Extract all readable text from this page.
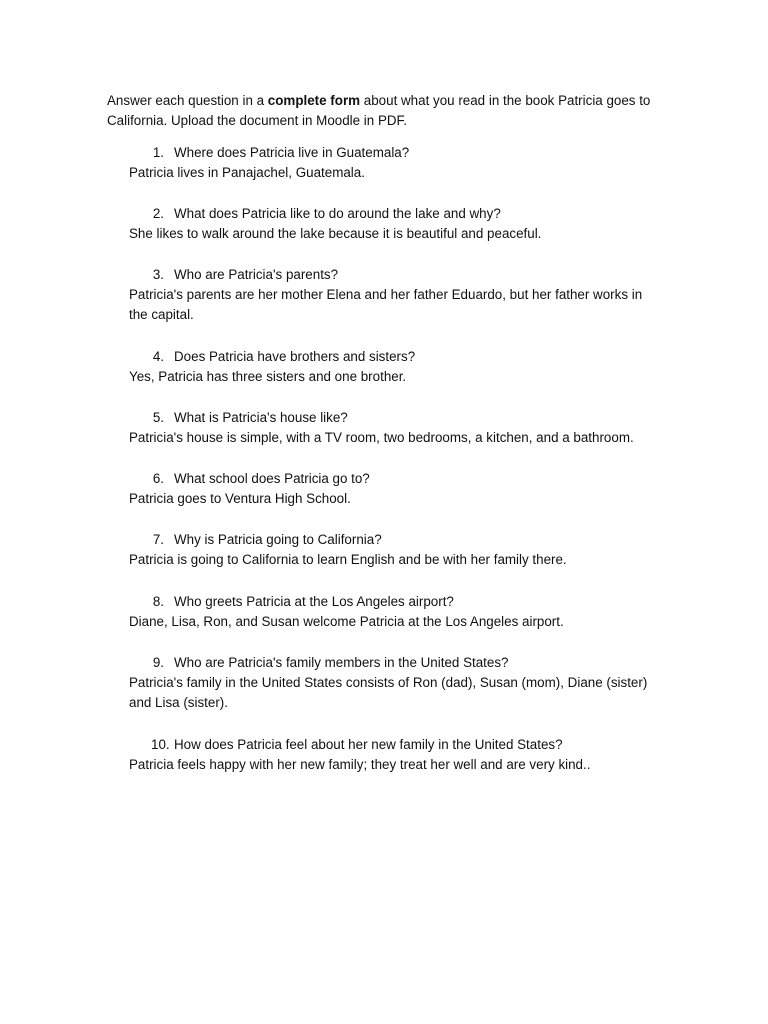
Answer each question in a complete form about what you read in the book Patricia goes to California. Upload the document in Moodle in PDF.

1. Where does Patricia live in Guatemala?
Patricia lives in Panajachel, Guatemala.
2. What does Patricia like to do around the lake and why?
She likes to walk around the lake because it is beautiful and peaceful.
3. Who are Patricia's parents?
Patricia's parents are her mother Elena and her father Eduardo, but her father works in the capital.
4. Does Patricia have brothers and sisters?
Yes, Patricia has three sisters and one brother.
5. What is Patricia's house like?
Patricia's house is simple, with a TV room, two bedrooms, a kitchen, and a bathroom.
6. What school does Patricia go to?
Patricia goes to Ventura High School.
7. Why is Patricia going to California?
Patricia is going to California to learn English and be with her family there.
8. Who greets Patricia at the Los Angeles airport?
Diane, Lisa, Ron, and Susan welcome Patricia at the Los Angeles airport.
9. Who are Patricia's family members in the United States?
Patricia's family in the United States consists of Ron (dad), Susan (mom), Diane (sister) and Lisa (sister).
10. How does Patricia feel about her new family in the United States?
Patricia feels happy with her new family; they treat her well and are very kind..
